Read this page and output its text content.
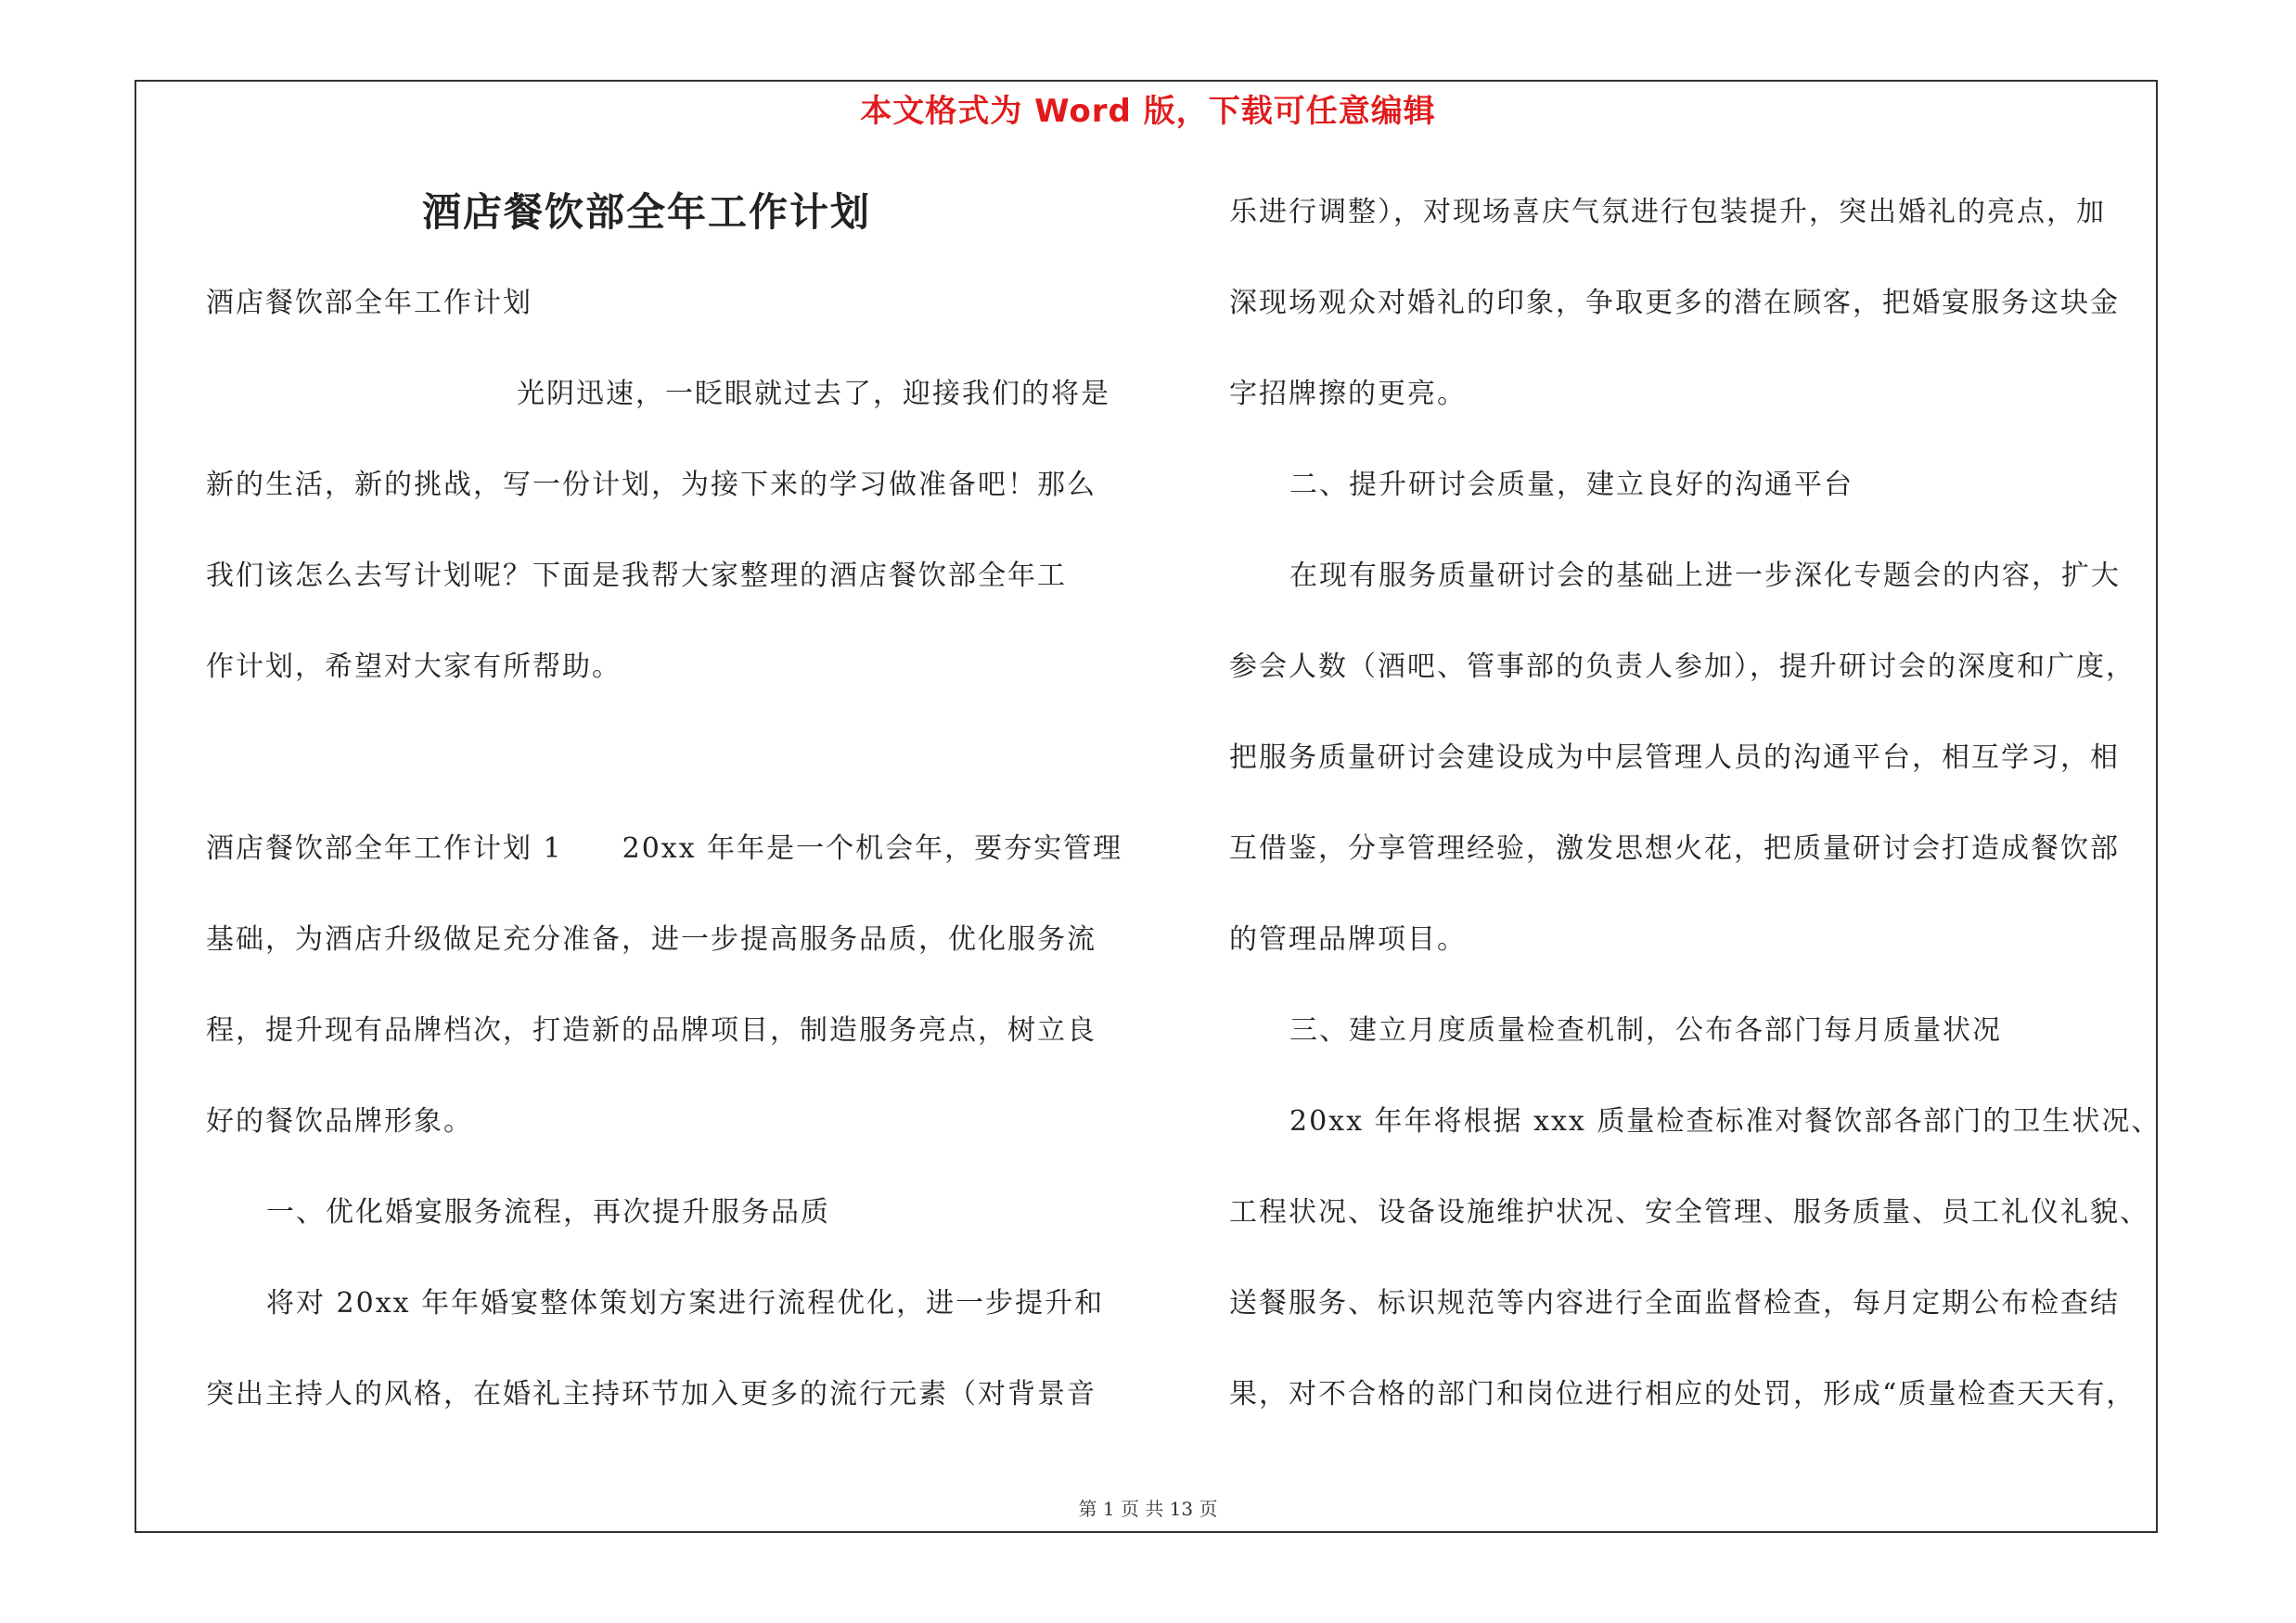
本文格式为 Word 版，下载可任意编辑

酒店餐饮部全年工作计划

酒店餐饮部全年工作计划

光阴迅速，一眨眼就过去了，迎接我们的将是

新的生活，新的挑战，写一份计划，为接下来的学习做准备吧！那么

我们该怎么去写计划呢？下面是我帮大家整理的酒店餐饮部全年工

作计划，希望对大家有所帮助。

酒店餐饮部全年工作计划 1　　20xx 年年是一个机会年，要夯实管理

基础，为酒店升级做足充分准备，进一步提高服务品质，优化服务流

程，提升现有品牌档次，打造新的品牌项目，制造服务亮点，树立良

好的餐饮品牌形象。

一、优化婚宴服务流程，再次提升服务品质

将对 20xx 年年婚宴整体策划方案进行流程优化，进一步提升和

突出主持人的风格，在婚礼主持环节加入更多的流行元素（对背景音

乐进行调整），对现场喜庆气氛进行包装提升，突出婚礼的亮点，加

深现场观众对婚礼的印象，争取更多的潜在顾客，把婚宴服务这块金

字招牌擦的更亮。

二、提升研讨会质量，建立良好的沟通平台

在现有服务质量研讨会的基础上进一步深化专题会的内容，扩大

参会人数（酒吧、管事部的负责人参加），提升研讨会的深度和广度，

把服务质量研讨会建设成为中层管理人员的沟通平台，相互学习，相

互借鉴，分享管理经验，激发思想火花，把质量研讨会打造成餐饮部

的管理品牌项目。

三、建立月度质量检查机制，公布各部门每月质量状况

20xx 年年将根据 xxx 质量检查标准对餐饮部各部门的卫生状况、

工程状况、设备设施维护状况、安全管理、服务质量、员工礼仪礼貌、

送餐服务、标识规范等内容进行全面监督检查，每月定期公布检查结

果，对不合格的部门和岗位进行相应的处罚，形成“质量检查天天有，

第 1 页 共 13 页
